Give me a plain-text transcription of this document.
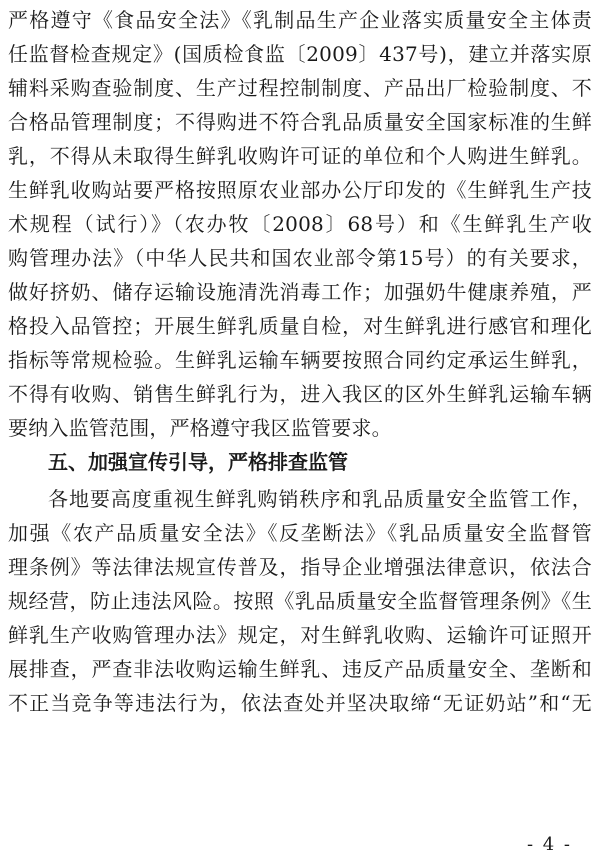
严格遵守《食品安全法》《乳制品生产企业落实质量安全主体责
任监督检查规定》(国质检食监〔2009〕437号)，建立并落实原
辅料采购查验制度、生产过程控制制度、产品出厂检验制度、不
合格品管理制度；不得购进不符合乳品质量安全国家标准的生鲜
乳，不得从未取得生鲜乳收购许可证的单位和个人购进生鲜乳。
生鲜乳收购站要严格按照原农业部办公厅印发的《生鲜乳生产技
术规程（试行）》（农办牧〔2008〕68号）和《生鲜乳生产收
购管理办法》（中华人民共和国农业部令第15号）的有关要求，
做好挤奶、储存运输设施清洗消毒工作；加强奶牛健康养殖，严
格投入品管控；开展生鲜乳质量自检，对生鲜乳进行感官和理化
指标等常规检验。生鲜乳运输车辆要按照合同约定承运生鲜乳，
不得有收购、销售生鲜乳行为，进入我区的区外生鲜乳运输车辆
要纳入监管范围，严格遵守我区监管要求。
五、加强宣传引导，严格排查监管
各地要高度重视生鲜乳购销秩序和乳品质量安全监管工作，
加强《农产品质量安全法》《反垄断法》《乳品质量安全监督管
理条例》等法律法规宣传普及，指导企业增强法律意识，依法合
规经营，防止违法风险。按照《乳品质量安全监督管理条例》《生
鲜乳生产收购管理办法》规定，对生鲜乳收购、运输许可证照开
展排查，严查非法收购运输生鲜乳、违反产品质量安全、垄断和
不正当竞争等违法行为，依法查处并坚决取缔“无证奶站”和“无
- 4 -
